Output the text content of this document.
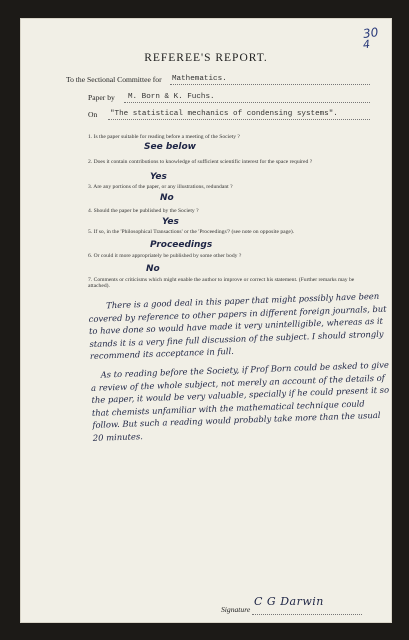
30
4
REFEREE'S REPORT.
To the Sectional Committee for Mathematics.
Paper by M. Born & K. Fuchs.
On "The statistical mechanics of condensing systems".
1. Is the paper suitable for reading before a meeting of the Society ?
See below
2. Does it contain contributions to knowledge of sufficient scientific interest for the space required ?
Yes
3. Are any portions of the paper, or any illustrations, redundant ?
No
4. Should the paper be published by the Society ?
Yes
5. If so, in the 'Philosophical Transactions' or the 'Proceedings'? (see note on opposite page).
Proceedings
6. Or could it more appropriately be published by some other body ?
No
7. Comments or criticisms which might enable the author to improve or correct his statement. (Further remarks may be attached).

There is a good deal in this paper that might possibly have been covered by reference to other papers in different foreign journals, but to have done so would have made it very unintelligible, whereas as it stands it is a very fine full discussion of the subject. I should strongly recommend its acceptance in full.

As to reading before the Society, if Prof Born could be asked to give a review of the whole subject, not merely an account of the details of the paper, it would be very valuable, specially if he could present it so that chemists unfamiliar with the mathematical technique could follow. But such a reading would probably take more than the usual 20 minutes.

Signature
C G Darwin
